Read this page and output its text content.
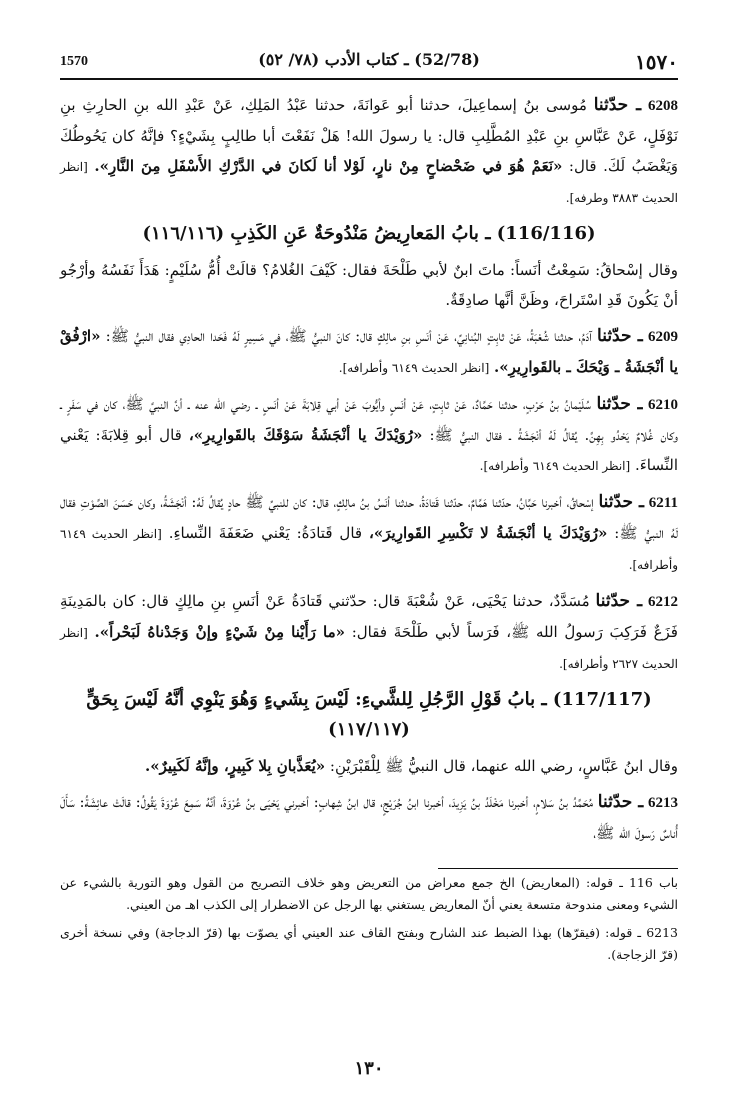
1570	(52/78) ـ كتاب الأدب (٧٨/ ٥٢)	١٥٧٠

6208 ـ حدّثنا مُوسى بنُ إسماعِيلَ، حدثنا أبو عَوانَةَ، حدثنا عَبْدُ المَلِكِ، عَنْ عَبْدِ الله بنِ الحارِثِ بنِ نَوْفَلٍ، عَنْ عَبَّاسِ بنِ عَبْدِ المُطَّلِبِ قال: يا رسولَ الله! هَلْ نَفَعْتَ أبا طالِبٍ بِشَيْءٍ؟ فإنَّهُ كان يَحُوطُكَ وَيَغْضَبُ لَكَ. قال: «نَعَمْ هُوَ في ضَحْضاحٍ مِنْ نارٍ، لَوْلا أنا لَكانَ في الدَّرْكِ الأَسْفَلِ مِنَ النَّارِ». [انظر الحديث ٣٨٨٣ وطرفه].

(116/116) ـ بابُ المَعارِيضُ مَنْدُوحَةٌ عَنِ الكَذِبِ (١١٦/١١٦)

وقال إسْحاقُ: سَمِعْتُ أنَساً: ماتَ ابنٌ لأبي طَلْحَةَ فقال: كَيْفَ الغُلامُ؟ قالَتْ أُمُّ سُلَيْمٍ: هَدَأَ نَفَسُهُ وأرْجُو أنْ يَكُونَ قَدِ اسْتَراحَ، وظَنَّ أنَّها صادِقَةٌ.

6209 ـ حدّثنا آدَمُ، حدثنا شُعْبَةُ، عَنْ ثابِتٍ البُنانِيِّ، عَنْ أنَسِ بنِ مالِكٍ قال: كانَ النبيُّ ﷺ، في مَسِيرٍ لَهُ فَحَدا الحادِي فقال النبيُّ ﷺ: «ارْفُقْ يا أنْجَشَةُ ـ وَيْحَكَ ـ بالقَوارِيرِ». [انظر الحديث ٦١٤٩ وأطرافه].

6210 ـ حدّثنا سُلَيْمانُ بنُ حَرْبٍ، حدثنا حَمَّادٌ، عَنْ ثابِتٍ، عَنْ أنَسٍ وأيُّوبَ عَنْ أبي قِلابَةَ عَنْ أنَسٍ ـ رضي الله عنه ـ أنَّ النبيَّ ﷺ، كان في سَفَرٍ ـ وكان غُلامٌ يَحْدُو بِهِنَّ. يُقالُ لَهُ أنْجَشَةُ ـ فقال النبيُّ ﷺ: «رُوَيْدَكَ يا أنْجَشَةُ سَوْقَكَ بالقَوارِيرِ»، قال أبو قِلابَةَ: يَعْني النِّساءَ. [انظر الحديث ٦١٤٩ وأطرافه].

6211 ـ حدّثنا إسْحاقُ، أخبرنا حَبَّانُ، حدّثنا هَمَّامٌ، حدّثنا قَتادَةُ، حدثنا أنَسُ بنُ مالِكٍ، قال: كان للنبيِّ ﷺ حادٍ يُقالُ لَهُ: أنْجَشَةُ، وكان حَسَنَ الصَّوْتِ فقال لَهُ النبيُّ ﷺ: «رُوَيْدَكَ يا أنْجَشَةُ لا تَكْسِرِ القَوارِيرَ»، قال قَتادَةُ: يَعْني ضَعَفَةَ النِّساءِ. [انظر الحديث ٦١٤٩ وأطرافه].

6212 ـ حدّثنا مُسَدَّدٌ، حدثنا يَحْيَى، عَنْ شُعْبَةَ قال: حدّثني قَتادَةُ عَنْ أنَسِ بنِ مالِكٍ قال: كان بالمَدِينَةِ فَزَعٌ فَرَكِبَ رَسولُ الله ﷺ، فَرَساً لأبي طَلْحَةَ فقال: «ما رَأَيْنا مِنْ شَيْءٍ وإنْ وَجَدْناهُ لَبَحْراً». [انظر الحديث ٢٦٢٧ وأطرافه].

(117/117) ـ بابُ قَوْلِ الرَّجُلِ لِلشَّيءِ: لَيْسَ بِشَيءٍ وَهُوَ يَنْوِي أنَّهُ لَيْسَ بِحَقٍّ (١١٧/١١٧)

وقال ابنُ عَبَّاسٍ، رضي الله عنهما، قال النبيُّ ﷺ لِلْقَبْرَيْنِ: «يُعَذَّبانِ بِلا كَبِيرٍ، وإنَّهُ لَكَبِيرٌ».

6213 ـ حدّثنا مُحَمَّدُ بنُ سَلامٍ، أخبرنا مَخْلَدُ بنُ يَزِيدَ، أخبرنا ابنُ جُرَيْجٍ، قال ابنُ شِهابٍ: أخبرني يَحْيَى بنُ عُرْوَةَ، أنَّهُ سَمِعَ عُرْوَةَ يَقُولُ: قالَتْ عائِشَةُ: سَأَلَ أُناسٌ رَسولَ الله ﷺ،

باب 116 ـ قوله: (المعاريض) الخ جمع معراض من التعريض وهو خلاف التصريح من القول وهو التورية بالشيء عن الشيء ومعنى مندوحة متسعة يعني أنّ المعاريض يستغني بها الرجل عن الاضطرار إلى الكذب اهـ من العيني.

6213 ـ قوله: (فيقرّها) بهذا الضبط عند الشارح وبفتح القاف عند العيني أي يصوّت بها (قرّ الدجاجة) وفي نسخة أخرى (قرّ الزجاجة).

١٣٠
